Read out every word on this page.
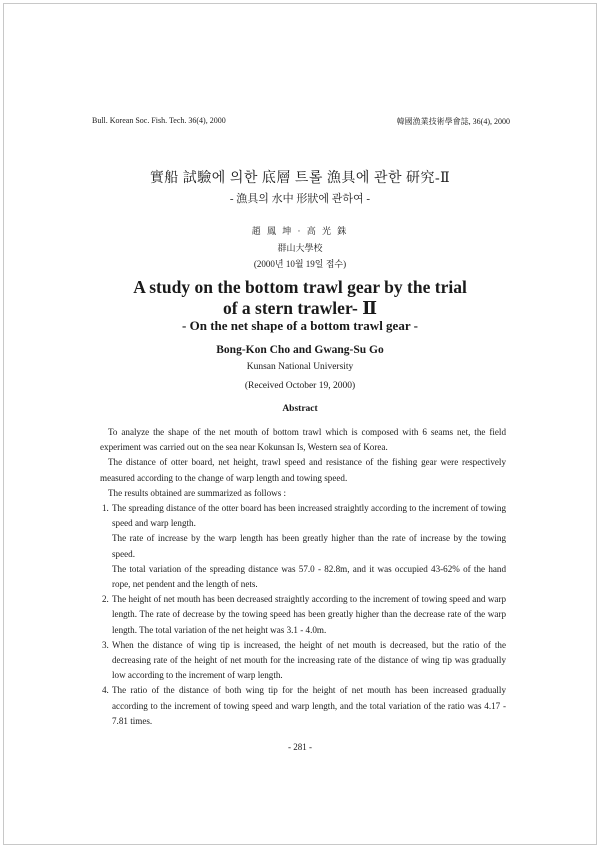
Bull. Korean Soc. Fish. Tech. 36(4), 2000	韓國漁業技術學會誌, 36(4), 2000
實船 試驗에 의한 底層 트롤 漁具에 관한 研究-Ⅱ
- 漁具의 水中 形狀에 관하여 -
趙 鳳 坤 · 高 光 銖
群山大學校
(2000년 10월 19일 접수)
A study on the bottom trawl gear by the trial
of a stern trawler- Ⅱ
- On the net shape of a bottom trawl gear -
Bong-Kon Cho and Gwang-Su Go
Kunsan National University
(Received October 19, 2000)
Abstract

To analyze the shape of the net mouth of bottom trawl which is composed with 6 seams net, the field experiment was carried out on the sea near Kokunsan Is, Western sea of Korea.

The distance of otter board, net height, trawl speed and resistance of the fishing gear were respectively measured according to the change of warp length and towing speed.

The results obtained are summarized as follows :

1. The spreading distance of the otter board has been increased straightly according to the increment of towing speed and warp length.
The rate of increase by the warp length has been greatly higher than the rate of increase by the towing speed.
The total variation of the spreading distance was 57.0 - 82.8m, and it was occupied 43-62% of the hand rope, net pendent and the length of nets.
2. The height of net mouth has been decreased straightly according to the increment of towing speed and warp length. The rate of decrease by the towing speed has been greatly higher than the decrease rate of the warp length. The total variation of the net height was 3.1 - 4.0m.
3. When the distance of wing tip is increased, the height of net mouth is decreased, but the ratio of the decreasing rate of the height of net mouth for the increasing rate of the distance of wing tip was gradually low according to the increment of warp length.
4. The ratio of the distance of both wing tip for the height of net mouth has been increased gradually according to the increment of towing speed and warp length, and the total variation of the ratio was 4.17 - 7.81 times.
- 281 -
